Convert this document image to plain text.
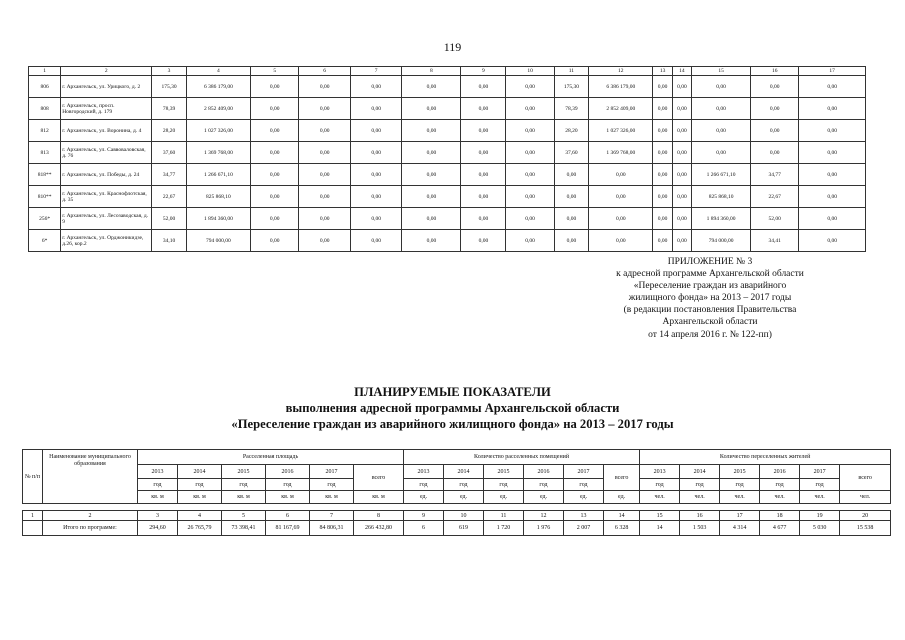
119
1	2	3	4	5	6	7	8	9	10	11	12	13	14	15	16	17
806	г. Архангельск, ул. Урицкого, д. 2	175,30	6 386 179,00	0,00	0,00	0,00	0,00	0,00	0,00	175,30	6 386 179,00	0,00	0,00	0,00	0,00	0,00
808	г. Архангельск, просп. Новгородский, д. 179	78,39	2 852 409,00	0,00	0,00	0,00	0,00	0,00	0,00	78,39	2 852 409,00	0,00	0,00	0,00	0,00	0,00
812	г. Архангельск, ул. Воронина, д. 4	28,20	1 027 326,00	0,00	0,00	0,00	0,00	0,00	0,00	28,20	1 027 326,00	0,00	0,00	0,00	0,00	0,00
813	г. Архангельск, ул. Саввоваловская, д. 76	37,60	1 369 768,00	0,00	0,00	0,00	0,00	0,00	0,00	37,60	1 369 768,00	0,00	0,00	0,00	0,00	0,00
818**	г. Архангельск, ул. Победы, д. 24	34,77	1 266 671,10	0,00	0,00	0,00	0,00	0,00	0,00	0,00	0,00	0,00	0,00	1 266 671,10	34,77	0,00
810**	г. Архангельск, ул. Краснофлотская, д. 35	22,67	825 868,10	0,00	0,00	0,00	0,00	0,00	0,00	0,00	0,00	0,00	0,00	825 868,10	22,67	0,00
256*	г. Архангельск, ул. Лесозаводская, д. 9	52,00	1 894 360,00	0,00	0,00	0,00	0,00	0,00	0,00	0,00	0,00	0,00	0,00	1 894 360,00	52,00	0,00
6*	г. Архангельск, ул. Орджоникидзе, д.26, кор.2	34,10	794 000,00	0,00	0,00	0,00	0,00	0,00	0,00	0,00	0,00	0,00	0,00	794 000,00	34,41	0,00
ПРИЛОЖЕНИЕ № 3
к адресной программе Архангельской области
«Переселение граждан из аварийного
жилищного фонда» на 2013 – 2017 годы
(в редакции постановления Правительства
Архангельской области
от 14 апреля 2016 г. № 122-пп)
ПЛАНИРУЕМЫЕ ПОКАЗАТЕЛИ
выполнения адресной программы Архангельской области
«Переселение граждан из аварийного жилищного фонда» на 2013 – 2017 годы
№ п/п	Наименование муниципального образования	Расселенная площадь						Количество расселенных помещений						Количество переселенных жителей					
		2013	2014	2015	2016	2017	всего	2013	2014	2015	2016	2017	всего	2013	2014	2015	2016	2017	всего
		год	год	год	год	год		год	год	год	год	год		год	год	год	год	год	
		кв. м	кв. м	кв. м	кв. м	кв. м	кв. м	ед.	ед.	ед.	ед.	ед.	ед.	чел.	чел.	чел.	чел.	чел.	чел.

1	2	3	4	5	6	7	8	9	10	11	12	13	14	15	16	17	18	19	20
	Итого по программе:	294,60	26 765,79	73 398,41	81 167,69	84 806,31	266 432,80	6	619	1 720	1 976	2 007	6 328	14	1 503	4 314	4 677	5 030	15 538
